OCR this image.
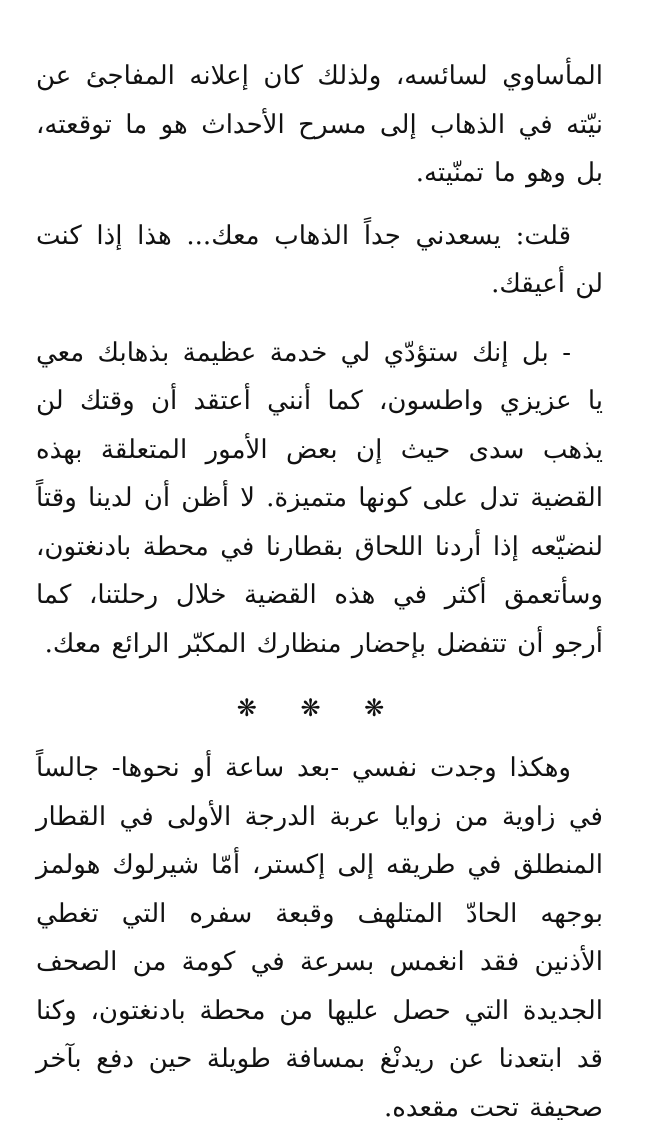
المأساوي لسائسه، ولذلك كان إعلانه المفاجئ عن نيّته في الذهاب إلى مسرح الأحداث هو ما توقعته، بل وهو ما تمنّيته.

قلت: يسعدني جداً الذهاب معك... هذا إذا كنت لن أعيقك.

- بل إنك ستؤدّي لي خدمة عظيمة بذهابك معي يا عزيزي واطسون، كما أنني أعتقد أن وقتك لن يذهب سدى حيث إن بعض الأمور المتعلقة بهذه القضية تدل على كونها متميزة. لا أظن أن لدينا وقتاً لنضيّعه إذا أردنا اللحاق بقطارنا في محطة بادنغتون، وسأتعمق أكثر في هذه القضية خلال رحلتنا، كما أرجو أن تتفضل بإحضار منظارك المكبّر الرائع معك.

❋ ❋ ❋

وهكذا وجدت نفسي -بعد ساعة أو نحوها- جالساً في زاوية من زوايا عربة الدرجة الأولى في القطار المنطلق في طريقه إلى إكستر، أمّا شيرلوك هولمز بوجهه الحادّ المتلهف وقبعة سفره التي تغطي الأذنين فقد انغمس بسرعة في كومة من الصحف الجديدة التي حصل عليها من محطة بادنغتون، وكنا قد ابتعدنا عن ريدنْغ بمسافة طويلة حين دفع بآخر صحيفة تحت مقعده.
